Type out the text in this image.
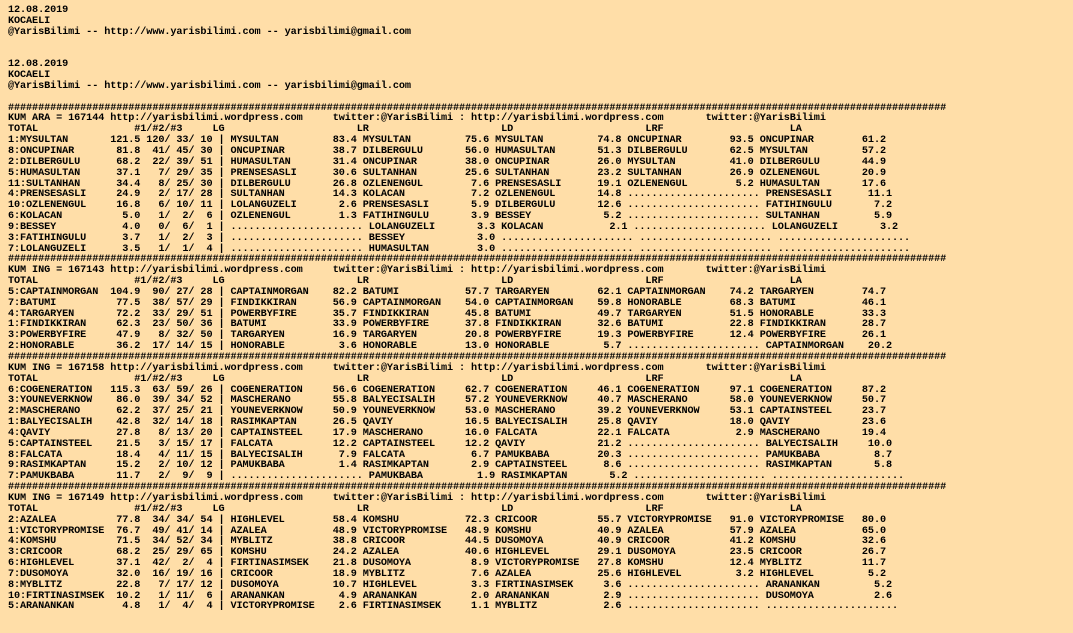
12.08.2019
KOCAELI
@YarisBilimi -- http://www.yarisbilimi.com -- yarisbilimi@gmail.com

12.08.2019
KOCAELI
@YarisBilimi -- http://www.yarisbilimi.com -- yarisbilimi@gmail.com

############################################################################################################################################################
KUM ARA = 167144 http://yarisbilimi.wordpress.com     twitter:@YarisBilimi : http://yarisbilimi.wordpress.com       twitter:@YarisBilimi
TOTAL                #1/#2/#3     LG                      LR                      LD                      LRF                     LA
1:MYSULTAN       121.5 120/ 33/ 10 | MYSULTAN         83.4 MYSULTAN         75.6 MYSULTAN         74.8 ONCUPINAR        93.5 ONCUPINAR        61.2
8:ONCUPINAR       81.8  41/ 45/ 30 | ONCUPINAR        38.7 DILBERGULU       56.0 HUMASULTAN       51.3 DILBERGULU       62.5 MYSULTAN         57.2
2:DILBERGULU      68.2  22/ 39/ 51 | HUMASULTAN       31.4 ONCUPINAR        38.0 ONCUPINAR        26.0 MYSULTAN         41.0 DILBERGULU       44.9
5:HUMASULTAN      37.1   7/ 29/ 35 | PRENSESASLI      30.6 SULTANHAN        25.6 SULTANHAN        23.2 SULTANHAN        26.9 OZLENENGUL       20.9
11:SULTANHAN      34.4   8/ 25/ 30 | DILBERGULU       26.8 OZLENENGUL        7.6 PRENSESASLI      19.1 OZLENENGUL        5.2 HUMASULTAN       17.6
4:PRENSESASLI     24.9   2/ 17/ 28 | SULTANHAN        14.3 KOLACAN           7.2 OZLENENGUL       14.8 ...................... PRENSESASLI      11.1
10:OZLENENGUL     16.8   6/ 10/ 11 | LOLANGUZELI       2.6 PRENSESASLI       5.9 DILBERGULU       12.6 ...................... FATIHINGULU       7.2
6:KOLACAN          5.0   1/  2/  6 | OZLENENGUL        1.3 FATIHINGULU       3.9 BESSEY            5.2 ...................... SULTANHAN         5.9
9:BESSEY           4.0   0/  6/  1 | ...................... LOLANGUZELI       3.3 KOLACAN           2.1 ...................... LOLANGUZELI       3.2
3:FATIHINGULU      3.7   1/  2/  3 | ...................... BESSEY            3.0 ...................... ...................... ......................
7:LOLANGUZELI      3.5   1/  1/  4 | ...................... HUMASULTAN        3.0 ...................... ...................... ......................
############################################################################################################################################################
KUM ING = 167143 http://yarisbilimi.wordpress.com     twitter:@YarisBilimi : http://yarisbilimi.wordpress.com       twitter:@YarisBilimi
TOTAL                #1/#2/#3     LG                      LR                      LD                      LRF                     LA
5:CAPTAINMORGAN  104.9  90/ 27/ 28 | CAPTAINMORGAN    82.2 BATUMI           57.7 TARGARYEN        62.1 CAPTAINMORGAN    74.2 TARGARYEN        74.7
7:BATUMI          77.5  38/ 57/ 29 | FINDIKKIRAN      56.9 CAPTAINMORGAN    54.0 CAPTAINMORGAN    59.8 HONORABLE        68.3 BATUMI           46.1
4:TARGARYEN       72.2  33/ 29/ 51 | POWERBYFIRE      35.7 FINDIKKIRAN      45.8 BATUMI           49.7 TARGARYEN        51.5 HONORABLE        33.3
1:FINDIKKIRAN     62.3  23/ 50/ 36 | BATUMI           33.9 POWERBYFIRE      37.8 FINDIKKIRAN      32.6 BATUMI           22.8 FINDIKKIRAN      28.7
3:POWERBYFIRE     47.9   8/ 32/ 50 | TARGARYEN        16.9 TARGARYEN        20.8 POWERBYFIRE      19.3 POWERBYFIRE      12.4 POWERBYFIRE      26.1
2:HONORABLE       36.2  17/ 14/ 15 | HONORABLE         3.6 HONORABLE        13.0 HONORABLE         5.7 ...................... CAPTAINMORGAN    20.2
############################################################################################################################################################
KUM ING = 167158 http://yarisbilimi.wordpress.com     twitter:@YarisBilimi : http://yarisbilimi.wordpress.com       twitter:@YarisBilimi
TOTAL                #1/#2/#3     LG                      LR                      LD                      LRF                     LA
6:COGENERATION   115.3  63/ 59/ 26 | COGENERATION     56.6 COGENERATION     62.7 COGENERATION     46.1 COGENERATION     97.1 COGENERATION     87.2
3:YOUNEVERKNOW    86.0  39/ 34/ 52 | MASCHERANO       55.8 BALYECISALIH     57.2 YOUNEVERKNOW     40.7 MASCHERANO       58.0 YOUNEVERKNOW     50.7
2:MASCHERANO      62.2  37/ 25/ 21 | YOUNEVERKNOW     50.9 YOUNEVERKNOW     53.0 MASCHERANO       39.2 YOUNEVERKNOW     53.1 CAPTAINSTEEL     23.7
1:BALYECISALIH    42.8  32/ 14/ 18 | RASIMKAPTAN      26.5 QAVIY            16.5 BALYECISALIH     25.8 QAVIY            18.0 QAVIY            23.6
4:QAVIY           27.8   8/ 13/ 20 | CAPTAINSTEEL     17.9 MASCHERANO       16.0 FALCATA          22.1 FALCATA           2.9 MASCHERANO       19.4
5:CAPTAINSTEEL    21.5   3/ 15/ 17 | FALCATA          12.2 CAPTAINSTEEL     12.2 QAVIY            21.2 ...................... BALYECISALIH     10.0
8:FALCATA         18.4   4/ 11/ 15 | BALYECISALIH      7.9 FALCATA           6.7 PAMUKBABA        20.3 ...................... PAMUKBABA         8.7
9:RASIMKAPTAN     15.2   2/ 10/ 12 | PAMUKBABA         1.4 RASIMKAPTAN       2.9 CAPTAINSTEEL      8.6 ...................... RASIMKAPTAN       5.8
7:PAMUKBABA       11.7   2/  9/  9 | ...................... PAMUKBABA         1.9 RASIMKAPTAN       5.2 ...................... ......................
############################################################################################################################################################
KUM ING = 167149 http://yarisbilimi.wordpress.com     twitter:@YarisBilimi : http://yarisbilimi.wordpress.com       twitter:@YarisBilimi
TOTAL                #1/#2/#3     LG                      LR                      LD                      LRF                     LA
2:AZALEA          77.8  34/ 34/ 54 | HIGHLEVEL        58.4 KOMSHU           72.3 CRICOOR          55.7 VICTORYPROMISE   91.0 VICTORYPROMISE   80.0
1:VICTORYPROMISE  76.7  49/ 41/ 14 | AZALEA           48.9 VICTORYPROMISE   48.9 KOMSHU           40.9 AZALEA           57.9 AZALEA           65.0
4:KOMSHU          71.5  34/ 52/ 34 | MYBLITZ          38.8 CRICOOR          44.5 DUSOMOYA         40.9 CRICOOR          41.2 KOMSHU           32.6
3:CRICOOR         68.2  25/ 29/ 65 | KOMSHU           24.2 AZALEA           40.6 HIGHLEVEL        29.1 DUSOMOYA         23.5 CRICOOR          26.7
6:HIGHLEVEL       37.1  42/  2/  4 | FIRTINASIMSEK    21.8 DUSOMOYA          8.9 VICTORYPROMISE   27.8 KOMSHU           12.4 MYBLITZ          11.7
7:DUSOMOYA        32.0  16/ 19/ 16 | CRICOOR          18.9 MYBLITZ           7.6 AZALEA           25.6 HIGHLEVEL         3.2 HIGHLEVEL         5.2
8:MYBLITZ         22.8   7/ 17/ 12 | DUSOMOYA         10.7 HIGHLEVEL         3.3 FIRTINASIMSEK     3.6 ...................... ARANANKAN         5.2
10:FIRTINASIMSEK  10.2   1/ 11/  6 | ARANANKAN         4.9 ARANANKAN         2.0 ARANANKAN         2.9 ...................... DUSOMOYA          2.6
5:ARANANKAN        4.8   1/  4/  4 | VICTORYPROMISE    2.6 FIRTINASIMSEK     1.1 MYBLITZ           2.6 ...................... ......................
